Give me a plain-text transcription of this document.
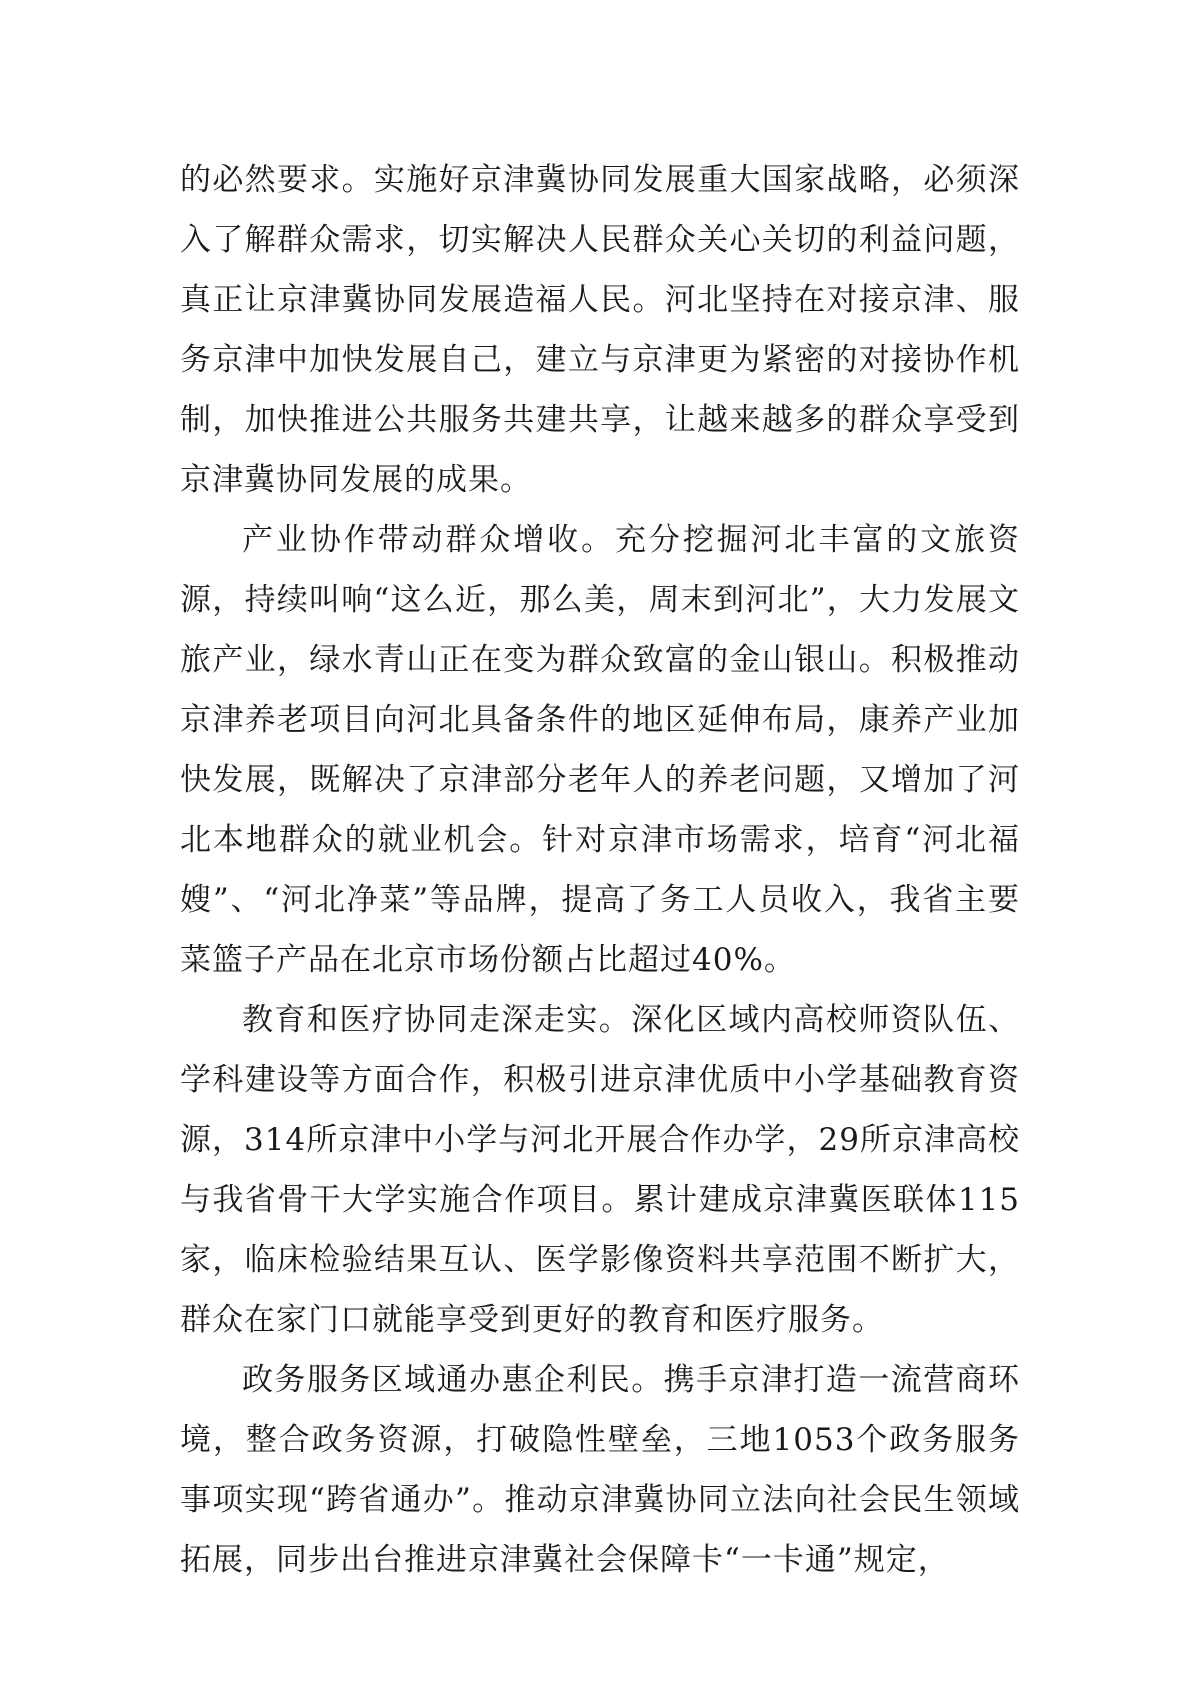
的必然要求。实施好京津冀协同发展重大国家战略，必须深入了解群众需求，切实解决人民群众关心关切的利益问题，真正让京津冀协同发展造福人民。河北坚持在对接京津、服务京津中加快发展自己，建立与京津更为紧密的对接协作机制，加快推进公共服务共建共享，让越来越多的群众享受到京津冀协同发展的成果。

产业协作带动群众增收。充分挖掘河北丰富的文旅资源，持续叫响“这么近，那么美，周末到河北”，大力发展文旅产业，绿水青山正在变为群众致富的金山银山。积极推动京津养老项目向河北具备条件的地区延伸布局，康养产业加快发展，既解决了京津部分老年人的养老问题，又增加了河北本地群众的就业机会。针对京津市场需求，培育“河北福嫂”、“河北净菜”等品牌，提高了务工人员收入，我省主要菜篮子产品在北京市场份额占比超过40%。

教育和医疗协同走深走实。深化区域内高校师资队伍、学科建设等方面合作，积极引进京津优质中小学基础教育资源，314所京津中小学与河北开展合作办学，29所京津高校与我省骨干大学实施合作项目。累计建成京津冀医联体115家，临床检验结果互认、医学影像资料共享范围不断扩大，群众在家门口就能享受到更好的教育和医疗服务。

政务服务区域通办惠企利民。携手京津打造一流营商环境，整合政务资源，打破隐性壁垒，三地1053个政务服务事项实现“跨省通办”。推动京津冀协同立法向社会民生领域拓展，同步出台推进京津冀社会保障卡“一卡通”规定，
